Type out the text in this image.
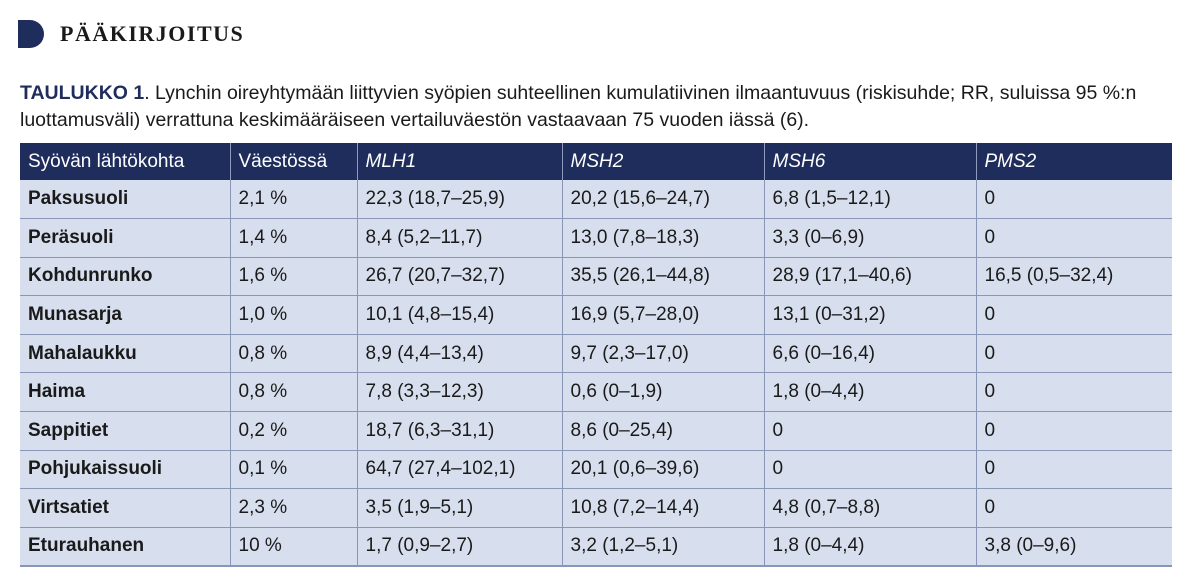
PÄÄKIRJOITUS

TAULUKKO 1. Lynchin oireyhtymään liittyvien syöpien suhteellinen kumulatiivinen ilmaantuvuus (riskisuhde; RR, suluissa 95 %:n luottamusväli) verrattuna keskimääräiseen vertailuväestön vastaavaan 75 vuoden iässä (6).

Syövän lähtökohta	Väestössä	MLH1	MSH2	MSH6	PMS2
Paksusuoli	2,1 %	22,3 (18,7–25,9)	20,2 (15,6–24,7)	6,8 (1,5–12,1)	0
Peräsuoli	1,4 %	8,4 (5,2–11,7)	13,0 (7,8–18,3)	3,3 (0–6,9)	0
Kohdunrunko	1,6 %	26,7 (20,7–32,7)	35,5 (26,1–44,8)	28,9 (17,1–40,6)	16,5 (0,5–32,4)
Munasarja	1,0 %	10,1 (4,8–15,4)	16,9 (5,7–28,0)	13,1 (0–31,2)	0
Mahalaukku	0,8 %	8,9 (4,4–13,4)	9,7 (2,3–17,0)	6,6 (0–16,4)	0
Haima	0,8 %	7,8 (3,3–12,3)	0,6 (0–1,9)	1,8 (0–4,4)	0
Sappitiet	0,2 %	18,7 (6,3–31,1)	8,6 (0–25,4)	0	0
Pohjukaissuoli	0,1 %	64,7 (27,4–102,1)	20,1 (0,6–39,6)	0	0
Virtsatiet	2,3 %	3,5 (1,9–5,1)	10,8 (7,2–14,4)	4,8 (0,7–8,8)	0
Eturauhanen	10 %	1,7 (0,9–2,7)	3,2 (1,2–5,1)	1,8 (0–4,4)	3,8 (0–9,6)
